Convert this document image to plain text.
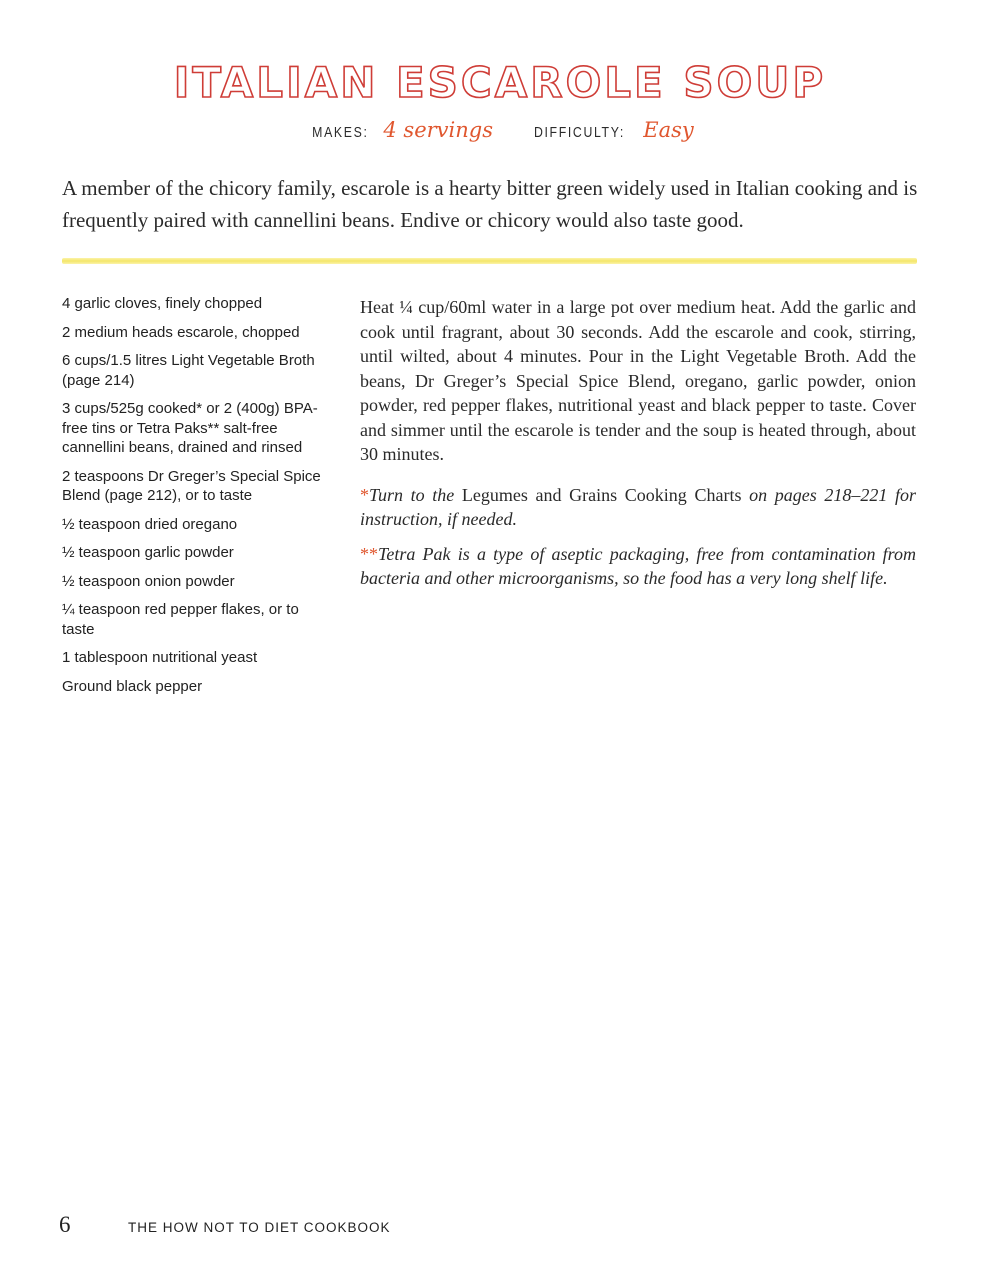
ITALIAN ESCAROLE SOUP
MAKES: 4 servings	DIFFICULTY: Easy

A member of the chicory family, escarole is a hearty bitter green widely used in Italian cooking and is frequently paired with cannellini beans. Endive or chicory would also taste good.

4 garlic cloves, finely chopped
2 medium heads escarole, chopped
6 cups/1.5 litres Light Vegetable Broth (page 214)
3 cups/525g cooked* or 2 (400g) BPA-free tins or Tetra Paks** salt-free cannellini beans, drained and rinsed
2 teaspoons Dr Greger’s Special Spice Blend (page 212), or to taste
½ teaspoon dried oregano
½ teaspoon garlic powder
½ teaspoon onion powder
¼ teaspoon red pepper flakes, or to taste
1 tablespoon nutritional yeast
Ground black pepper

Heat ¼ cup/60ml water in a large pot over medium heat. Add the garlic and cook until fragrant, about 30 seconds. Add the escarole and cook, stirring, until wilted, about 4 minutes. Pour in the Light Vegetable Broth. Add the beans, Dr Greger’s Special Spice Blend, oregano, garlic powder, onion powder, red pepper flakes, nutritional yeast and black pepper to taste. Cover and simmer until the escarole is tender and the soup is heated through, about 30 minutes.

*Turn to the Legumes and Grains Cooking Charts on pages 218–221 for instruction, if needed.

**Tetra Pak is a type of aseptic packaging, free from contamination from bacteria and other microorganisms, so the food has a very long shelf life.

6	THE HOW NOT TO DIET COOKBOOK
